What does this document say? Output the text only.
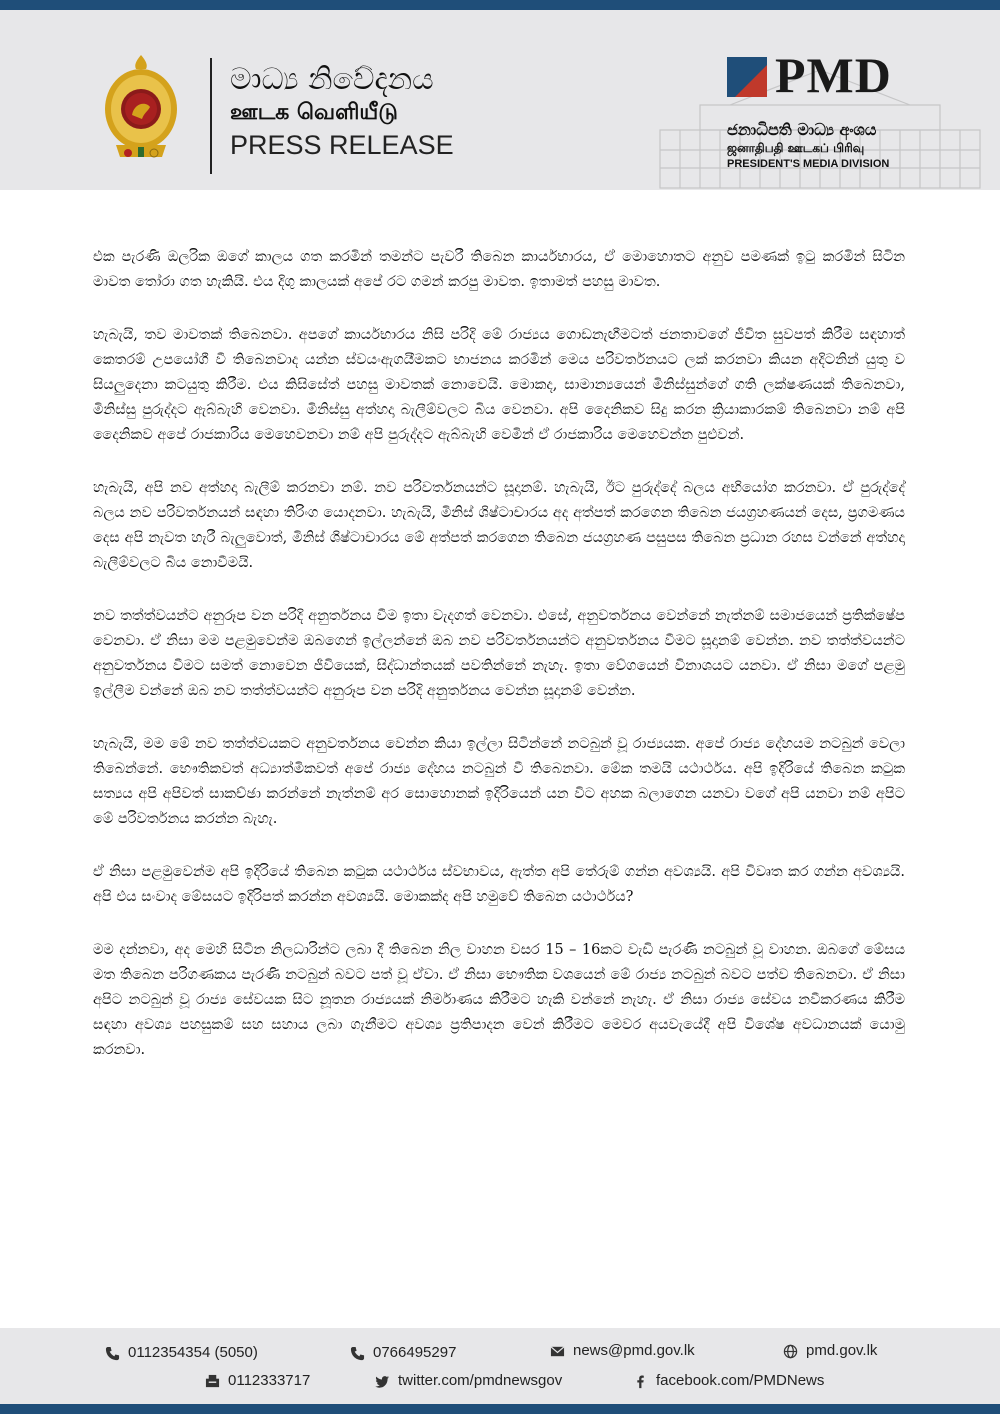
මාධ්‍ය නිවේදනය
ஊடக வெளியீடு
PRESS RELEASE
PMD
ජනාධිපති මාධ්‍ය අංශය
ஜனாதிபதி ஊடகப் பிரிவு
PRESIDENT'S MEDIA DIVISION

එක පැරණි ඔලරික ඔගේ කාලය ගත කරමින් තමන්ට පැවරී තිබෙන කාර්යභාරය, ඒ මොහොතට අනුව පමණක් ඉටු කරමින් සිටින මාවත තෝරා ගත හැකියි. එය දිගු කාලයක් අපේ රට ගමන් කරපු මාවත. ඉතාමත් පහසු මාවත.

හැබැයි, තව මාවතක් තිබෙනවා. අපගේ කාර්යභාරය නිසි පරිදි මේ රාජ්‍යය ගොඩනැඟීමටත් ජනතාවගේ ජීවිත සුවපත් කිරීම සඳහාත් කෙතරම් උපයෝගී වී තිබෙනවාද යන්න ස්වයංඇගයීමකට භාජනය කරමින් මෙය පරිවර්තනයට ලක් කරනවා කියන අදිටනින් යුතු ව සියලුදෙනා කටයුතු කිරීම. එය කිසිසේත් පහසු මාවතක් නොවෙයි. මොකද, සාමාන්‍යයෙන් මිනිස්සුන්ගේ ගති ලක්ෂණයක් තිබෙනවා, මිනිස්සු පුරුද්දට ඇබ්බැහි වෙනවා. මිනිස්සු අත්හදා බැලීම්වලට බිය වෙනවා. අපි දෛනිකව සිදු කරන ක්‍රියාකාරකම් තිබෙනවා නම් අපි දෛනිකව අපේ රාජකාරිය මෙහෙවනවා නම් අපි පුරුද්දට ඇබ්බැහි වෙමින් ඒ රාජකාරිය මෙහෙවන්න පුළුවන්.

හැබැයි, අපි නව අත්හදා බැලීම් කරනවා නම්. නව පරිවර්තනයන්ට සූදානම්. හැබැයි, ඊට පුරුද්දේ බලය අභියෝග කරනවා. ඒ පුරුද්දේ බලය නව පරිවර්තනයන් සඳහා තිරිංග යොදනවා. හැබැයි, මිනිස් ශිෂ්ටාචාරය අද අත්පත් කරගෙන තිබෙන ජයග්‍රහණයන් දෙස, ප්‍රගමණය දෙස අපි නැවත හැරී බැලුවොත්, මිනිස් ශිෂ්ටාචාරය මේ අත්පත් කරගෙන තිබෙන ජයග්‍රහණ පසුපස තිබෙන ප්‍රධාන රහස වන්නේ අත්හදා බැලීම්වලට බිය නොවීමයි.

නව තත්ත්වයන්ට අනුරූප වන පරිදි අනුර්තනය වීම ඉතා වැදගත් වෙනවා. එසේ, අනුවර්තනය වෙන්නේ නැත්නම් සමාජයෙන් ප්‍රතික්ෂේප වෙනවා. ඒ නිසා මම පළමුවෙන්ම ඔබගෙන් ඉල්ලන්නේ ඔබ නව පරිවර්තනයන්ට අනුවර්තනය වීමට සූදානම් වෙන්න. නව තත්ත්වයන්ට අනුවර්තනය වීමට සමත් නොවෙන ජීවියෙක්, සිද්ධාන්තයක් පවතින්නේ නැහැ. ඉතා වේගයෙන් විනාශයට යනවා. ඒ නිසා මගේ පළමු ඉල්ලීම වන්නේ ඔබ නව තත්ත්වයන්ට අනුරූප වන පරිදි අනුර්තනය වෙන්න සූදානම් වෙන්න.

හැබැයි, මම මේ නව තත්ත්වයකට අනුවර්තනය වෙන්න කියා ඉල්ලා සිටින්නේ නටබුන් වූ රාජ්‍යයක. අපේ රාජ්‍ය දේහයම නටබුන් වෙලා තිබෙන්නේ. භෞතිකවත් අධ්‍යාත්මිකවත් අපේ රාජ්‍ය දේහය නටබුන් වී තිබෙනවා. මේක තමයි යථාර්ථය. අපි ඉදිරියේ තිබෙන කටුක සත්‍යය අපි අපිවත් සාකච්ඡා කරන්නේ නැත්නම් අර සොහොනක් ඉදිරියෙන් යන විට අහක බලාගෙන යනවා වගේ අපි යනවා නම් අපිට මේ පරිවර්තනය කරන්න බැහැ.

ඒ නිසා පළමුවෙන්ම අපි ඉදිරියේ තිබෙන කටුක යථාර්ථය ස්වභාවය, ඇත්ත අපි තේරුම් ගන්න අවශ්‍යයි. අපි විවෘත කර ගන්න අවශ්‍යයි. අපි එය සංවාද මේසයට ඉදිරිපත් කරන්න අවශ්‍යයි. මොකක්ද අපි හමුවේ තිබෙන යථාර්ථය?

මම දන්නවා, අද මෙහි සිටින නිලධාරින්ට ලබා දී තිබෙන නිල වාහන වසර 15 – 16කට වැඩි පැරණි නටබුන් වූ වාහන. ඔබගේ මේසය මත තිබෙන පරිගණකය පැරණි නටබුන් බවට පත් වූ ඒවා. ඒ නිසා භෞතික වශයෙන් මේ රාජ්‍ය නටබුන් බවට පත්ව තිබෙනවා. ඒ නිසා අපිට නටබුන් වූ රාජ්‍ය සේවයක සිට නූතන රාජ්‍යයක් නිර්මාණය කිරීමට හැකි වන්නේ නැහැ. ඒ නිසා රාජ්‍ය සේවය නවීකරණය කිරීම සඳහා අවශ්‍ය පහසුකම් සහ සහාය ලබා ගැනීමට අවශ්‍ය ප්‍රතිපාදන වෙන් කිරීමට මෙවර අයවැයේදී අපි විශේෂ අවධානයක් යොමු කරනවා.

0112354354 (5050)	0766495297	news@pmd.gov.lk	pmd.gov.lk
0112333717	twitter.com/pmdnewsgov	facebook.com/PMDNews
